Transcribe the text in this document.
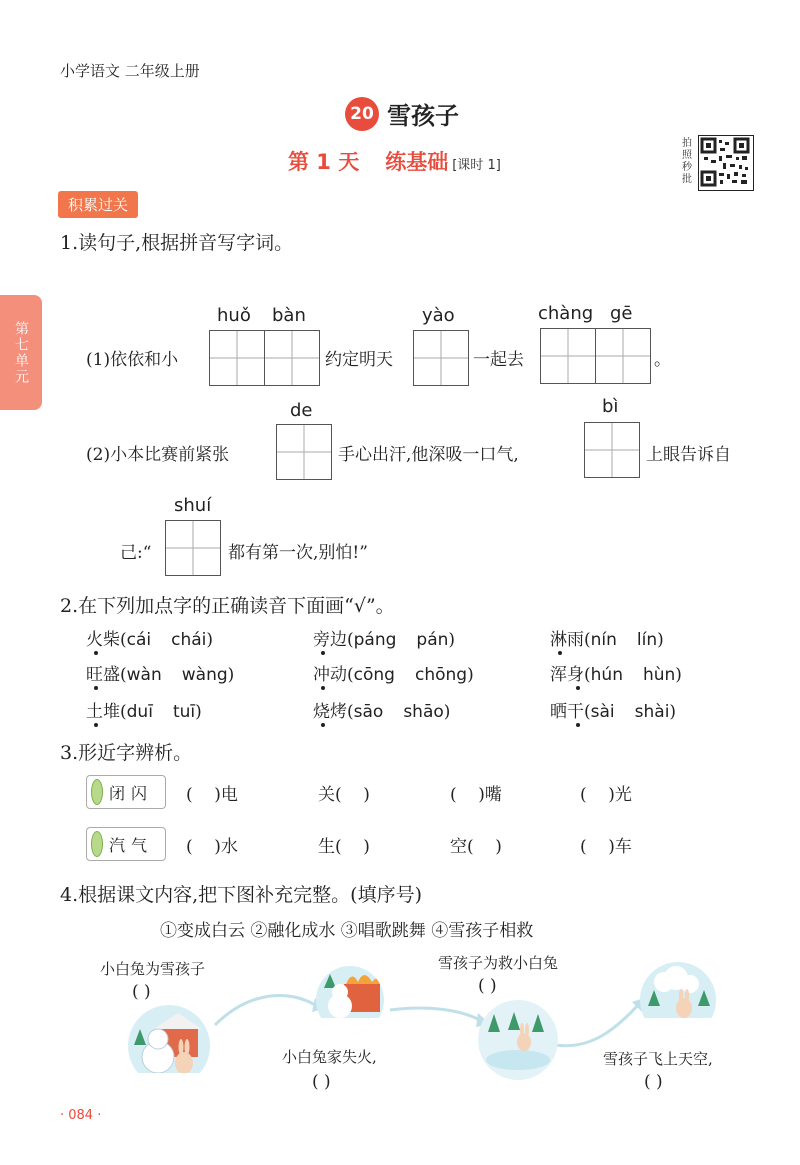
小学语文 二年级上册
20 雪孩子
第 1 天 练基础 [课时 1]
拍照秒批
积累过关
第七单元
1.读句子,根据拼音写字词。
huǒ bàn	yào	chàng gē
(1)依依和小	约定明天	一起去	。
de	bì
(2)小本比赛前紧张	手心出汗,他深吸一口气,	上眼告诉自
shuí
己:“	都有第一次,别怕!”
2.在下列加点字的正确读音下面画“√”。
火柴(cái chái)	旁边(páng pán)	淋雨(nín lín)
旺盛(wàn wàng)	冲动(cōng chōng)	浑身(hún hùn)
土堆(duī tuī)	烧烤(sāo shāo)	晒干(sài shài)
3.形近字辨析。
闭闪 (    )电	关(    )	(    )嘴	(    )光
汽气 (    )水	生(    )	空(    )	(    )车
4.根据课文内容,把下图补充完整。(填序号)
①变成白云 ②融化成水 ③唱歌跳舞 ④雪孩子相救
小白兔为雪孩子
( )
小白兔家失火,
( )
雪孩子为救小白兔
( )
雪孩子飞上天空,
( )
· 084 ·
